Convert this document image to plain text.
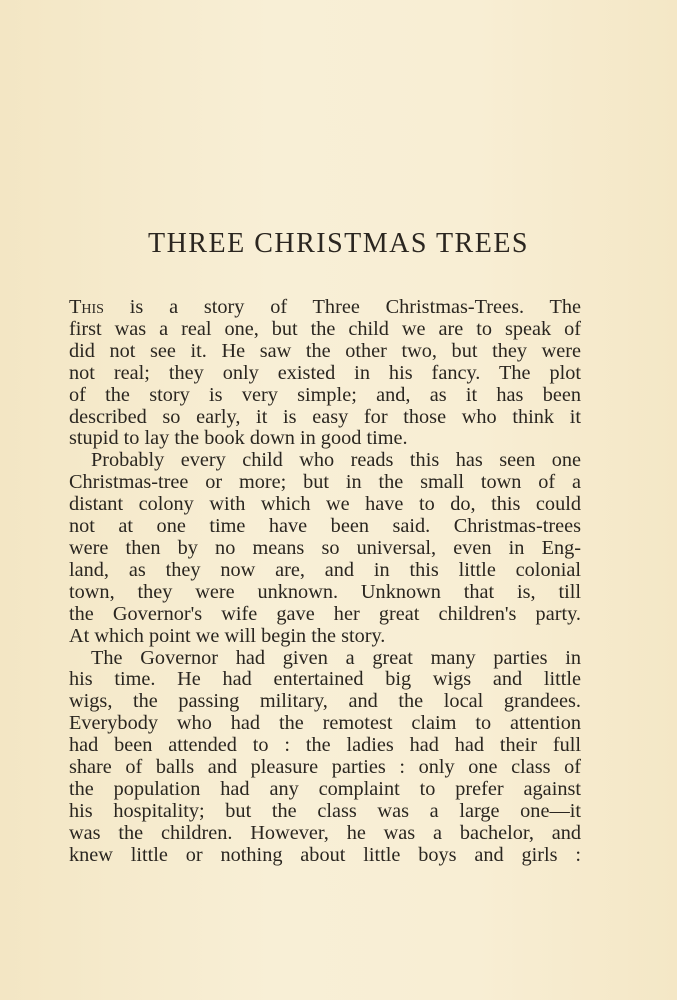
THREE CHRISTMAS TREES

This is a story of Three Christmas-Trees. The
first was a real one, but the child we are to speak of
did not see it. He saw the other two, but they were
not real; they only existed in his fancy. The plot
of the story is very simple; and, as it has been
described so early, it is easy for those who think it
stupid to lay the book down in good time.

Probably every child who reads this has seen one
Christmas-tree or more; but in the small town of a
distant colony with which we have to do, this could
not at one time have been said. Christmas-trees
were then by no means so universal, even in Eng-
land, as they now are, and in this little colonial
town, they were unknown. Unknown that is, till
the Governor's wife gave her great children's party.
At which point we will begin the story.

The Governor had given a great many parties in
his time. He had entertained big wigs and little
wigs, the passing military, and the local grandees.
Everybody who had the remotest claim to attention
had been attended to : the ladies had had their full
share of balls and pleasure parties : only one class of
the population had any complaint to prefer against
his hospitality; but the class was a large one—it
was the children. However, he was a bachelor, and
knew little or nothing about little boys and girls :
